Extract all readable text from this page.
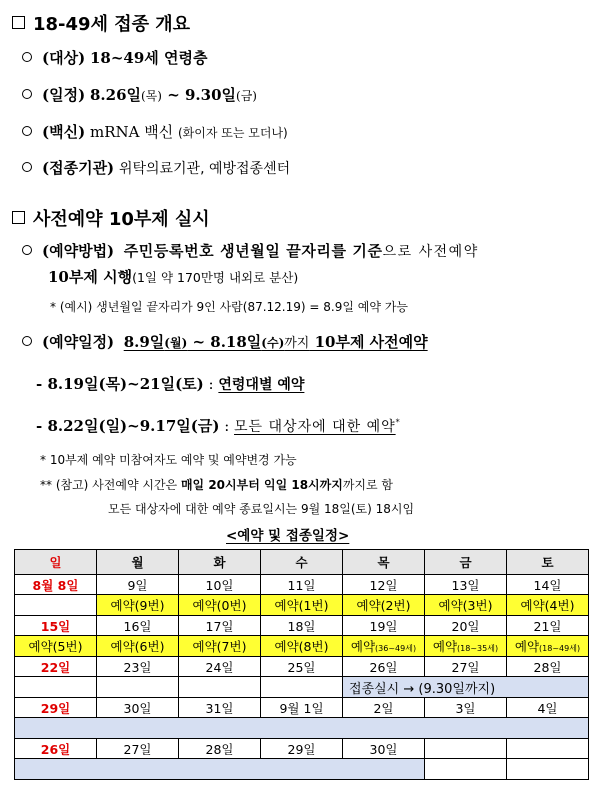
18-49세 접종 개요
(대상) 18~49세 연령층
(일정) 8.26일(목) ~ 9.30일(금)
(백신) mRNA 백신 (화이자 또는 모더나)
(접종기관) 위탁의료기관, 예방접종센터
사전예약 10부제 실시
(예약방법) 주민등록번호 생년월일 끝자리를 기준으로 사전예약
10부제 시행(1일 약 170만명 내외로 분산)
* (예시) 생년월일 끝자리가 9인 사람(87.12.19) = 8.9일 예약 가능
(예약일정) 8.9일(월) ~ 8.18일(수)까지 10부제 사전예약
- 8.19일(목)~21일(토) : 연령대별 예약
- 8.22일(일)~9.17일(금) : 모든 대상자에 대한 예약*
* 10부제 예약 미참여자도 예약 및 예약변경 가능
** (참고) 사전예약 시간은 매일 20시부터 익일 18시까지까지로 함
모든 대상자에 대한 예약 종료일시는 9월 18일(토) 18시임
<예약 및 접종일정>
일	월	화	수	목	금	토
8월 8일	9일	10일	11일	12일	13일	14일
	예약(9번)	예약(0번)	예약(1번)	예약(2번)	예약(3번)	예약(4번)
15일	16일	17일	18일	19일	20일	21일
예약(5번)	예약(6번)	예약(7번)	예약(8번)	예약(36~49세)	예약(18~35세)	예약(18~49세)
22일	23일	24일	25일	26일	27일	28일
				접종실시 → (9.30일까지)		
29일	30일	31일	9월 1일	2일	3일	4일

26일	27일	28일	29일	30일		
